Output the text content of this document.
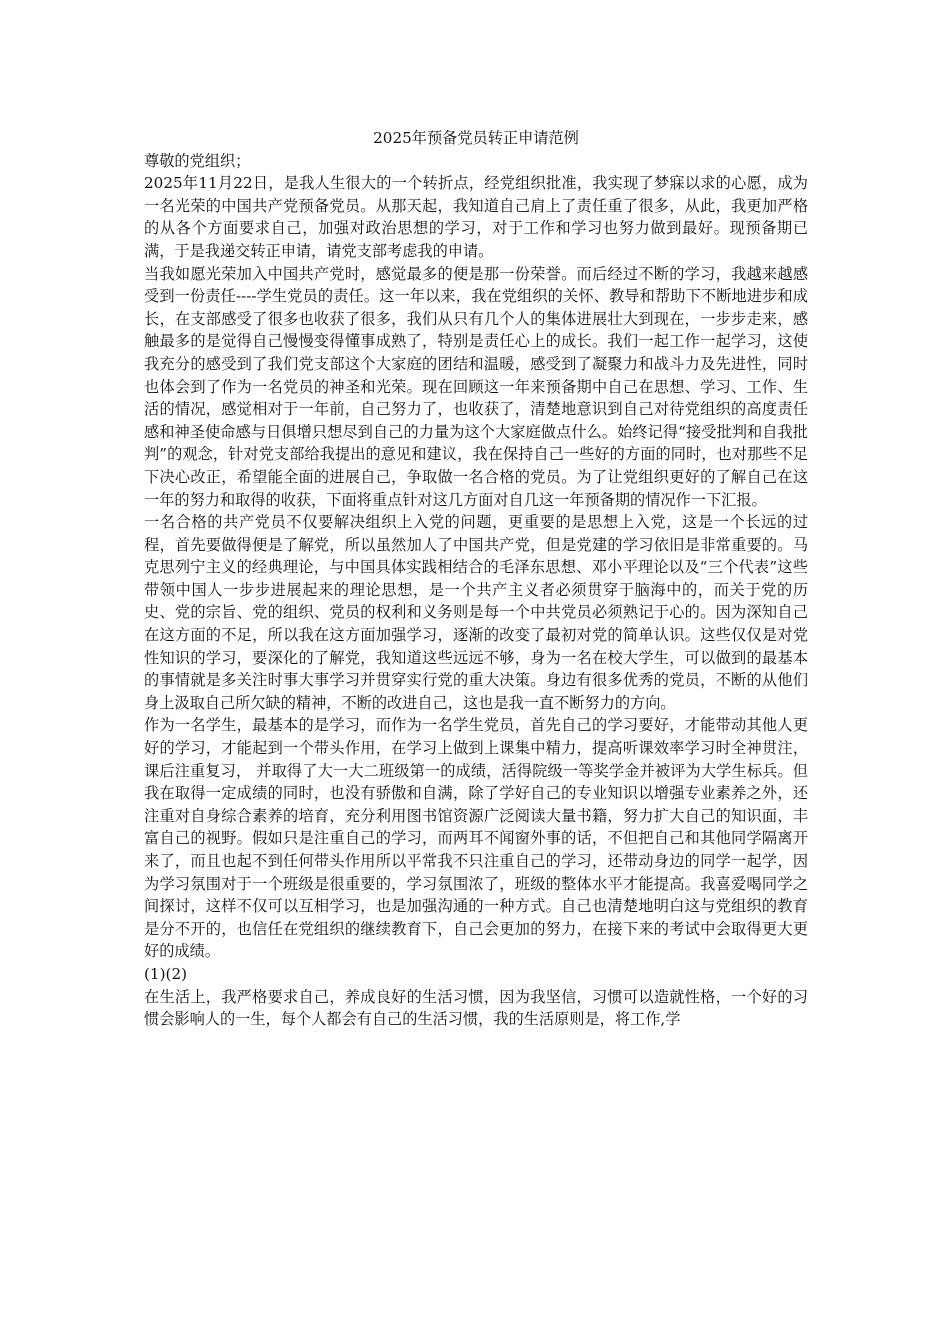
2025年预备党员转正申请范例

尊敬的党组织；

2025年11月22日，是我人生很大的一个转折点，经党组织批准，我实现了梦寐以求的心愿，成为一名光荣的中国共产党预备党员。从那天起，我知道自己肩上了责任重了很多，从此，我更加严格的从各个方面要求自己，加强对政治思想的学习，对于工作和学习也努力做到最好。现预备期已满，于是我递交转正申请，请党支部考虑我的申请。

当我如愿光荣加入中国共产党时，感觉最多的便是那一份荣誉。而后经过不断的学习，我越来越感受到一份责任----学生党员的责任。这一年以来，我在党组织的关怀、教导和帮助下不断地进步和成长，在支部感受了很多也收获了很多，我们从只有几个人的集体进展壮大到现在，一步步走来，感触最多的是觉得自己慢慢变得懂事成熟了，特别是责任心上的成长。我们一起工作一起学习，这使我充分的感受到了我们党支部这个大家庭的团结和温暖，感受到了凝聚力和战斗力及先进性，同时也体会到了作为一名党员的神圣和光荣。现在回顾这一年来预备期中自己在思想、学习、工作、生活的情况，感觉相对于一年前，自己努力了，也收获了，清楚地意识到自己对待党组织的高度责任感和神圣使命感与日俱增只想尽到自己的力量为这个大家庭做点什么。始终记得“接受批判和自我批判”的观念，针对党支部给我提出的意见和建议，我在保持自己一些好的方面的同时，也对那些不足下决心改正，希望能全面的进展自己，争取做一名合格的党员。为了让党组织更好的了解自己在这一年的努力和取得的收获，下面将重点针对这几方面对自几这一年预备期的情况作一下汇报。

一名合格的共产党员不仅要解决组织上入党的问题，更重要的是思想上入党，这是一个长远的过程，首先要做得便是了解党，所以虽然加人了中国共产党，但是党建的学习依旧是非常重要的。马克思列宁主义的经典理论，与中国具体实践相结合的毛泽东思想、邓小平理论以及“三个代表”这些带领中国人一步步进展起来的理论思想，是一个共产主义者必须贯穿于脑海中的，而关于党的历史、党的宗旨、党的组织、党员的权利和义务则是每一个中共党员必须熟记于心的。因为深知自己在这方面的不足，所以我在这方面加强学习，逐渐的改变了最初对党的简单认识。这些仅仅是对党性知识的学习，要深化的了解党，我知道这些远远不够，身为一名在校大学生，可以做到的最基本的事情就是多关注时事大事学习并贯穿实行党的重大决策。身边有很多优秀的党员，不断的从他们身上汲取自己所欠缺的精神，不断的改进自己，这也是我一直不断努力的方向。

作为一名学生，最基本的是学习，而作为一名学生党员，首先自己的学习要好，才能带动其他人更好的学习，才能起到一个带头作用，在学习上做到上课集中精力，提高听课效率学习时全神贯注，课后注重复习， 并取得了大一大二班级第一的成绩，活得院级一等奖学金并被评为大学生标兵。但我在取得一定成绩的同时，也没有骄傲和自满，除了学好自己的专业知识以增强专业素养之外，还注重对自身综合素养的培育，充分利用图书馆资源广泛阅读大量书籍，努力扩大自己的知识面，丰富自己的视野。假如只是注重自己的学习，而两耳不闻窗外事的话，不但把自己和其他同学隔离开来了，而且也起不到任何带头作用所以平常我不只注重自己的学习，还带动身边的同学一起学，因为学习氛围对于一个班级是很重要的，学习氛围浓了，班级的整体水平才能提高。我喜爱喝同学之间探讨，这样不仅可以互相学习，也是加强沟通的一种方式。自己也清楚地明白这与党组织的教育是分不开的，也信任在党组织的继续教育下，自己会更加的努力，在接下来的考试中会取得更大更好的成绩。

(1)(2)

在生活上，我严格要求自己，养成良好的生活习惯，因为我坚信，习惯可以造就性格，一个好的习惯会影响人的一生，每个人都会有自己的生活习惯，我的生活原则是，将工作,学
